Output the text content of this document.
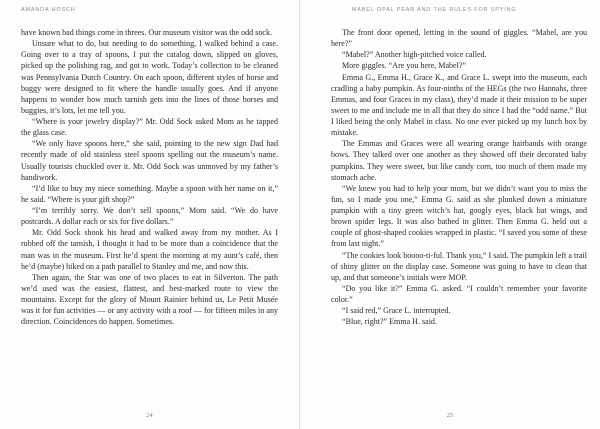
AMANDA HOSCH

have known bad things come in threes. Our museum visitor was the odd sock.

Unsure what to do, but needing to do something, I walked behind a case. Going over to a tray of spoons, I put the catalog down, slipped on gloves, picked up the polishing rag, and got to work. Today’s collection to be cleaned was Pennsylvania Dutch Country. On each spoon, different styles of horse and buggy were designed to fit where the handle usually goes. And if anyone happens to wonder how much tarnish gets into the lines of those horses and buggies, it’s lots, let me tell you.

“Where is your jewelry display?” Mr. Odd Sock asked Mom as he tapped the glass case.

“We only have spoons here,” she said, pointing to the new sign Dad had recently made of old stainless steel spoons spelling out the museum’s name. Usually tourists chuckled over it. Mr. Odd Sock was unmoved by my father’s handiwork.

“I’d like to buy my niece something. Maybe a spoon with her name on it,” he said. “Where is your gift shop?”

“I’m terribly sorry. We don’t sell spoons,” Mom said. “We do have postcards. A dollar each or six for five dollars.”

Mr. Odd Sock shook his head and walked away from my mother. As I rubbed off the tarnish, I thought it had to be more than a coincidence that the man was in the museum. First he’d spent the morning at my aunt’s café, then he’d (maybe) hiked on a path parallel to Stanley and me, and now this.

Then again, the Star was one of two places to eat in Silverton. The path we’d used was the easiest, flattest, and best-marked route to view the mountains. Except for the glory of Mount Rainier behind us, Le Petit Musée was it for fun activities — or any activity with a roof — for fifteen miles in any direction. Coincidences do happen. Sometimes.

24
MABEL OPAL PEAR AND THE RULES FOR SPYING

The front door opened, letting in the sound of giggles. “Mabel, are you here?”

“Mabel?” Another high-pitched voice called.

More giggles. “Are you here, Mabel?”

Emma G., Emma H., Grace K., and Grace L. swept into the museum, each cradling a baby pumpkin. As four-ninths of the HEGs (the two Hannahs, three Emmas, and four Graces in my class), they’d made it their mission to be super sweet to me and include me in all that they do since I had the “odd name.” But I liked being the only Mabel in class. No one ever picked up my lunch box by mistake.

The Emmas and Graces were all wearing orange hairbands with orange bows. They talked over one another as they showed off their decorated baby pumpkins. They were sweet, but like candy corn, too much of them made my stomach ache.

“We knew you had to help your mom, but we didn’t want you to miss the fun, so I made you one,” Emma G. said as she plunked down a miniature pumpkin with a tiny green witch’s hat, googly eyes, black bat wings, and brown spider legs. It was also bathed in glitter. Then Emma G. held out a couple of ghost-shaped cookies wrapped in plastic. “I saved you some of these from last night.”

“The cookies look boooo-ti-ful. Thank you,” I said. The pumpkin left a trail of shiny glitter on the display case. Someone was going to have to clean that up, and that someone’s initials were MOP.

“Do you like it?” Emma G. asked. “I couldn’t remember your favorite color.”

“I said red,” Grace L. interrupted.

“Blue, right?” Emma H. said.

25
